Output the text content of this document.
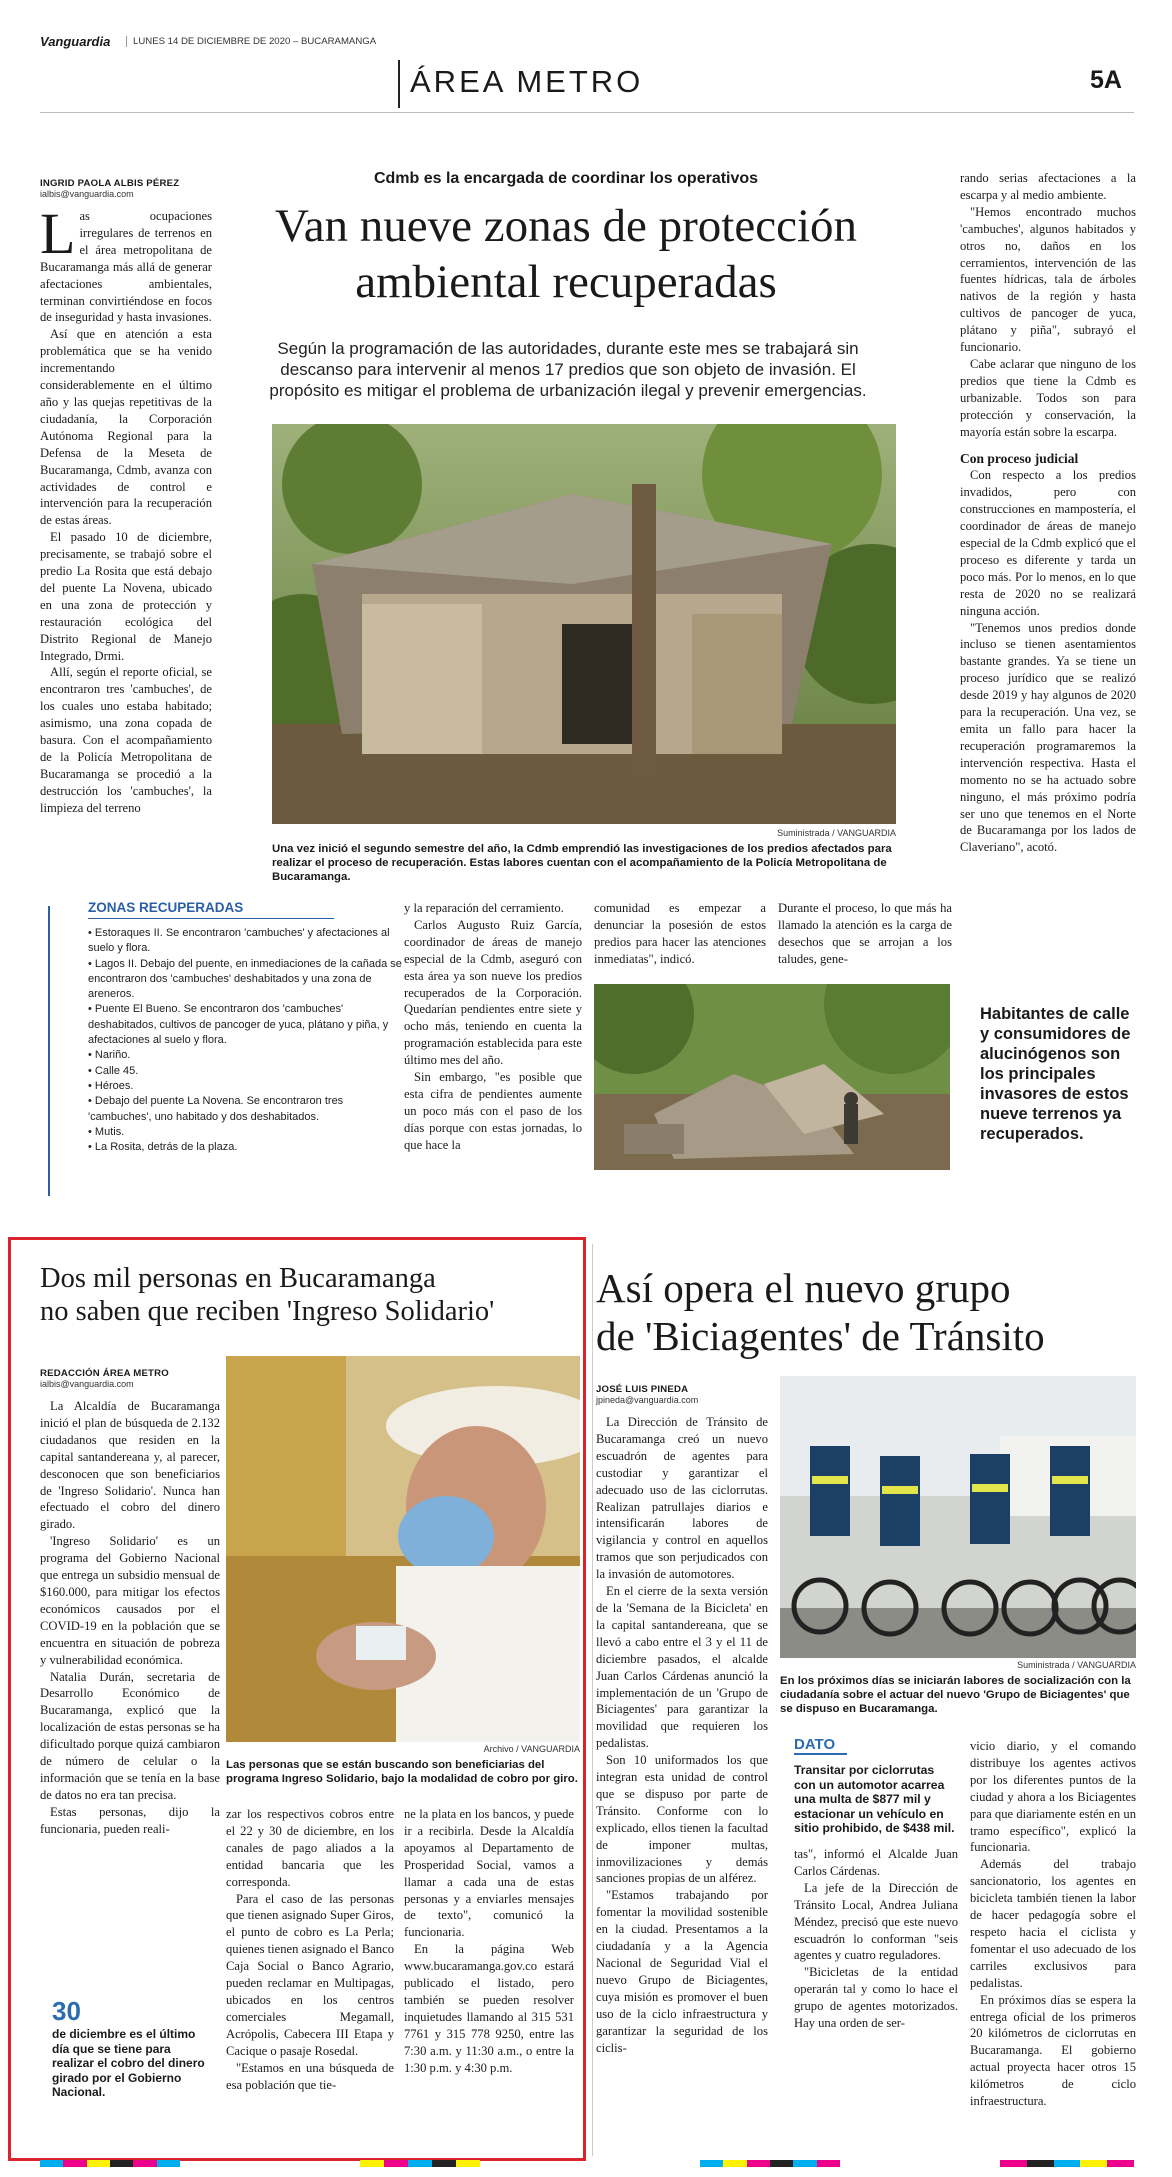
Vanguardia	LUNES 14 DE DICIEMBRE DE 2020 – BUCARAMANGA
ÁREA METRO	5A
INGRID PAOLA ALBIS PÉREZ
ialbis@vanguardia.com
L as ocupaciones irregulares de terrenos en el área metropolitana de Bucaramanga más allá de generar afectaciones ambientales, terminan convirtiéndose en focos de inseguridad y hasta invasiones.

Así que en atención a esta problemática que se ha venido incrementando considerablemente en el último año y las quejas repetitivas de la ciudadanía, la Corporación Autónoma Regional para la Defensa de la Meseta de Bucaramanga, Cdmb, avanza con actividades de control e intervención para la recuperación de estas áreas.

El pasado 10 de diciembre, precisamente, se trabajó sobre el predio La Rosita que está debajo del puente La Novena, ubicado en una zona de protección y restauración ecológica del Distrito Regional de Manejo Integrado, Drmi.

Allí, según el reporte oficial, se encontraron tres 'cambuches', de los cuales uno estaba habitado; asimismo, una zona copada de basura. Con el acompañamiento de la Policía Metropolitana de Bucaramanga se procedió a la destrucción los 'cambuches', la limpieza del terreno

Cdmb es la encargada de coordinar los operativos
Van nueve zonas de protección
ambiental recuperadas
Según la programación de las autoridades, durante este mes se trabajará sin descanso para intervenir al menos 17 predios que son objeto de invasión. El propósito es mitigar el problema de urbanización ilegal y prevenir emergencias.
Suministrada / VANGUARDIA
Una vez inició el segundo semestre del año, la Cdmb emprendió las investigaciones de los predios afectados para realizar el proceso de recuperación. Estas labores cuentan con el acompañamiento de la Policía Metropolitana de Bucaramanga.

rando serias afectaciones a la escarpa y al medio ambiente.

"Hemos encontrado muchos 'cambuches', algunos habitados y otros no, daños en los cerramientos, intervención de las fuentes hídricas, tala de árboles nativos de la región y hasta cultivos de pancoger de yuca, plátano y piña", subrayó el funcionario.

Cabe aclarar que ninguno de los predios que tiene la Cdmb es urbanizable. Todos son para protección y conservación, la mayoría están sobre la escarpa.

Con proceso judicial

Con respecto a los predios invadidos, pero con construcciones en mampostería, el coordinador de áreas de manejo especial de la Cdmb explicó que el proceso es diferente y tarda un poco más. Por lo menos, en lo que resta de 2020 no se realizará ninguna acción.

"Tenemos unos predios donde incluso se tienen asentamientos bastante grandes. Ya se tiene un proceso jurídico que se realizó desde 2019 y hay algunos de 2020 para la recuperación. Una vez, se emita un fallo para hacer la recuperación programaremos la intervención respectiva. Hasta el momento no se ha actuado sobre ninguno, el más próximo podría ser uno que tenemos en el Norte de Bucaramanga por los lados de Claveriano", acotó.

ZONAS RECUPERADAS
• Estoraques II. Se encontraron 'cambuches' y afectaciones al suelo y flora.
• Lagos II. Debajo del puente, en inmediaciones de la cañada se encontraron dos 'cambuches' deshabitados y una zona de areneros.
• Puente El Bueno. Se encontraron dos 'cambuches' deshabitados, cultivos de pancoger de yuca, plátano y piña, y afectaciones al suelo y flora.
• Nariño.
• Calle 45.
• Héroes.
• Debajo del puente La Novena. Se encontraron tres 'cambuches', uno habitado y dos deshabitados.
• Mutis.
• La Rosita, detrás de la plaza.

y la reparación del cerramiento.

Carlos Augusto Ruiz García, coordinador de áreas de manejo especial de la Cdmb, aseguró con esta área ya son nueve los predios recuperados de la Corporación. Quedarían pendientes entre siete y ocho más, teniendo en cuenta la programación establecida para este último mes del año.

Sin embargo, "es posible que esta cifra de pendientes aumente un poco más con el paso de los días porque con estas jornadas, lo que hace la

comunidad es empezar a denunciar la posesión de estos predios para hacer las atenciones inmediatas", indicó.

Durante el proceso, lo que más ha llamado la atención es la carga de desechos que se arrojan a los taludes, gene-

Habitantes de calle y consumidores de alucinógenos son los principales invasores de estos nueve terrenos ya recuperados.
Dos mil personas en Bucaramanga
no saben que reciben 'Ingreso Solidario'
REDACCIÓN ÁREA METRO
ialbis@vanguardia.com

La Alcaldía de Bucaramanga inició el plan de búsqueda de 2.132 ciudadanos que residen en la capital santandereana y, al parecer, desconocen que son beneficiarios de 'Ingreso Solidario'. Nunca han efectuado el cobro del dinero girado.

'Ingreso Solidario' es un programa del Gobierno Nacional que entrega un subsidio mensual de $160.000, para mitigar los efectos económicos causados por el COVID-19 en la población que se encuentra en situación de pobreza y vulnerabilidad económica.

Natalia Durán, secretaria de Desarrollo Económico de Bucaramanga, explicó que la localización de estas personas se ha dificultado porque quizá cambiaron de número de celular o la información que se tenía en la base de datos no era tan precisa.

Estas personas, dijo la funcionaria, pueden reali-

Archivo / VANGUARDIA
Las personas que se están buscando son beneficiarias del programa Ingreso Solidario, bajo la modalidad de cobro por giro.

zar los respectivos cobros entre el 22 y 30 de diciembre, en los canales de pago aliados a la entidad bancaria que les corresponda.

Para el caso de las personas que tienen asignado Super Giros, el punto de cobro es La Perla; quienes tienen asignado el Banco Caja Social o Banco Agrario, pueden reclamar en Multipagas, ubicados en los centros comerciales Megamall, Acrópolis, Cabecera III Etapa y Cacique o pasaje Rosedal.

"Estamos en una búsqueda de esa población que tie-

ne la plata en los bancos, y puede ir a recibirla. Desde la Alcaldía apoyamos al Departamento de Prosperidad Social, vamos a llamar a cada una de estas personas y a enviarles mensajes de texto", comunicó la funcionaria.

En la página Web www.bucaramanga.gov.co estará publicado el listado, pero también se pueden resolver inquietudes llamando al 315 531 7761 y 315 778 9250, entre las 7:30 a.m. y 11:30 a.m., o entre la 1:30 p.m. y 4:30 p.m.

30
de diciembre es el último día que se tiene para realizar el cobro del dinero girado por el Gobierno Nacional.
Así opera el nuevo grupo
de 'Biciagentes' de Tránsito
JOSÉ LUIS PINEDA
jpineda@vanguardia.com

La Dirección de Tránsito de Bucaramanga creó un nuevo escuadrón de agentes para custodiar y garantizar el adecuado uso de las ciclorrutas. Realizan patrullajes diarios e intensificarán labores de vigilancia y control en aquellos tramos que son perjudicados con la invasión de automotores.

En el cierre de la sexta versión de la 'Semana de la Bicicleta' en la capital santandereana, que se llevó a cabo entre el 3 y el 11 de diciembre pasados, el alcalde Juan Carlos Cárdenas anunció la implementación de un 'Grupo de Biciagentes' para garantizar la movilidad que requieren los pedalistas.

Son 10 uniformados los que integran esta unidad de control que se dispuso por parte de Tránsito. Conforme con lo explicado, ellos tienen la facultad de imponer multas, inmovilizaciones y demás sanciones propias de un alférez.

"Estamos trabajando por fomentar la movilidad sostenible en la ciudad. Presentamos a la ciudadanía y a la Agencia Nacional de Seguridad Vial el nuevo Grupo de Biciagentes, cuya misión es promover el buen uso de la ciclo infraestructura y garantizar la seguridad de los ciclis-

Suministrada / VANGUARDIA
En los próximos días se iniciarán labores de socialización con la ciudadanía sobre el actuar del nuevo 'Grupo de Biciagentes' que se dispuso en Bucaramanga.
DATO
Transitar por ciclorrutas con un automotor acarrea una multa de $877 mil y estacionar un vehículo en sitio prohibido, de $438 mil.

tas", informó el Alcalde Juan Carlos Cárdenas.

La jefe de la Dirección de Tránsito Local, Andrea Juliana Méndez, precisó que este nuevo escuadrón lo conforman "seis agentes y cuatro reguladores.

"Bicicletas de la entidad operarán tal y como lo hace el grupo de agentes motorizados. Hay una orden de ser-

vicio diario, y el comando distribuye los agentes activos por los diferentes puntos de la ciudad y ahora a los Biciagentes para que diariamente estén en un tramo específico", explicó la funcionaria.

Además del trabajo sancionatorio, los agentes en bicicleta también tienen la labor de hacer pedagogía sobre el respeto hacia el ciclista y fomentar el uso adecuado de los carriles exclusivos para pedalistas.

En próximos días se espera la entrega oficial de los primeros 20 kilómetros de ciclorrutas en Bucaramanga. El gobierno actual proyecta hacer otros 15 kilómetros de ciclo infraestructura.
